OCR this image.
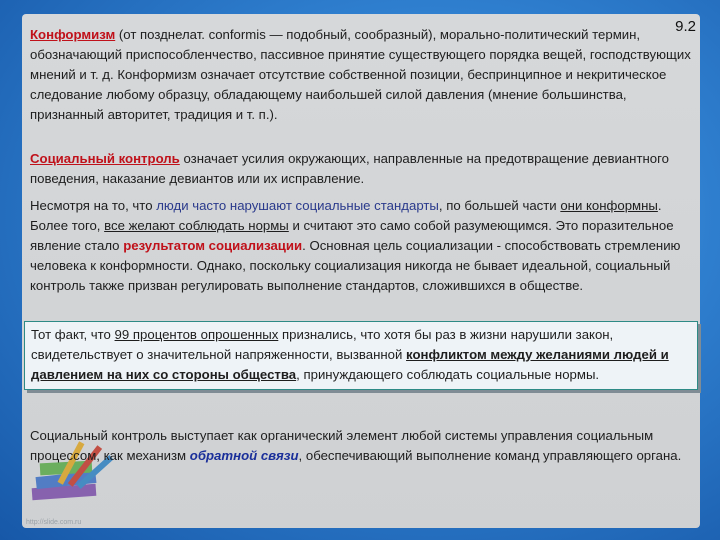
9.2
Конформизм (от позднелат. conformis — подобный, сообразный), морально-политический термин, обозначающий приспособленчество, пассивное принятие существующего порядка вещей, господствующих мнений и т. д. Конформизм означает отсутствие собственной позиции, беспринципное и некритическое следование любому образцу, обладающему наибольшей силой давления (мнение большинства, признанный авторитет, традиция и т. п.).
Социальный контроль означает усилия окружающих, направленные на предотвращение девиантного поведения, наказание девиантов или их исправление.
Несмотря на то, что люди часто нарушают социальные стандарты, по большей части они конформны. Более того, все желают соблюдать нормы и считают это само собой разумеющимся. Это поразительное явление стало результатом социализации. Основная цель социализации - способствовать стремлению человека к конформности. Однако, поскольку социализация никогда не бывает идеальной, социальный контроль также призван регулировать выполнение стандартов, сложившихся в обществе.
Тот факт, что 99 процентов опрошенных признались, что хотя бы раз в жизни нарушили закон, свидетельствует о значительной напряженности, вызванной конфликтом между желаниями людей и давлением на них со стороны общества, принуждающего соблюдать социальные нормы.
Социальный контроль выступает как органический элемент любой системы управления социальным процессом, как механизм обратной связи, обеспечивающий выполнение команд управляющего органа.
http://slide.com.ru
